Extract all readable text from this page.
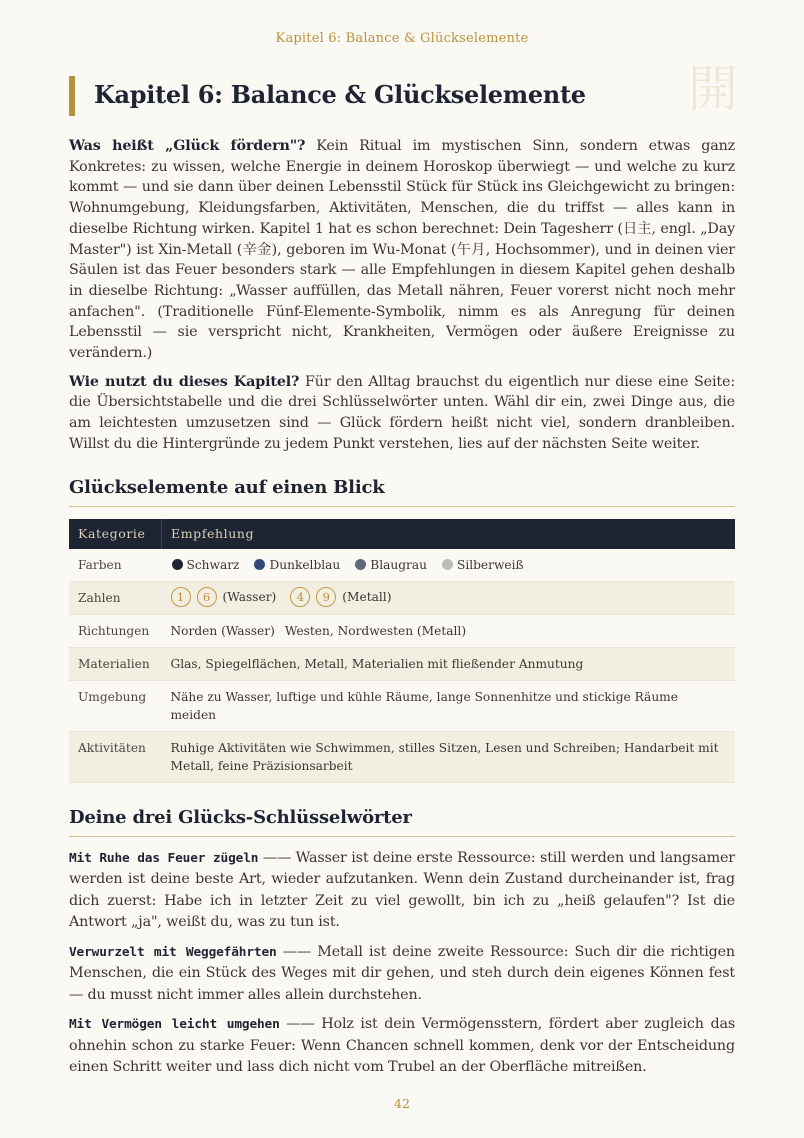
Kapitel 6: Balance & Glückselemente
開
Kapitel 6: Balance & Glückselemente

Was heißt „Glück fördern"? Kein Ritual im mystischen Sinn, sondern etwas ganz Konkretes: zu wissen, welche Energie in deinem Horoskop überwiegt — und welche zu kurz kommt — und sie dann über deinen Lebensstil Stück für Stück ins Gleichgewicht zu bringen: Wohnumgebung, Kleidungsfarben, Aktivitäten, Menschen, die du triffst — alles kann in dieselbe Richtung wirken. Kapitel 1 hat es schon berechnet: Dein Tagesherr (日主, engl. „Day Master") ist Xin-Metall (辛金), geboren im Wu-Monat (午月, Hochsommer), und in deinen vier Säulen ist das Feuer besonders stark — alle Empfehlungen in diesem Kapitel gehen deshalb in dieselbe Richtung: „Wasser auffüllen, das Metall nähren, Feuer vorerst nicht noch mehr anfachen". (Traditionelle Fünf-Elemente-Symbolik, nimm es als Anregung für deinen Lebensstil — sie verspricht nicht, Krankheiten, Vermögen oder äußere Ereignisse zu verändern.)

Wie nutzt du dieses Kapitel? Für den Alltag brauchst du eigentlich nur diese eine Seite: die Übersichtstabelle und die drei Schlüsselwörter unten. Wähl dir ein, zwei Dinge aus, die am leichtesten umzusetzen sind — Glück fördern heißt nicht viel, sondern dranbleiben. Willst du die Hintergründe zu jedem Punkt verstehen, lies auf der nächsten Seite weiter.

Glückselemente auf einen Blick
Kategorie	Empfehlung
Farben	Schwarz Dunkelblau Blaugrau Silberweiß
Zahlen	1 6 (Wasser) 4 9 (Metall)
Richtungen	Norden (Wasser) Westen, Nordwesten (Metall)
Materialien	Glas, Spiegelflächen, Metall, Materialien mit fließender Anmutung
Umgebung	Nähe zu Wasser, luftige und kühle Räume, lange Sonnenhitze und stickige Räume meiden
Aktivitäten	Ruhige Aktivitäten wie Schwimmen, stilles Sitzen, Lesen und Schreiben; Handarbeit mit Metall, feine Präzisionsarbeit
Deine drei Glücks-Schlüsselwörter

Mit Ruhe das Feuer zügeln —— Wasser ist deine erste Ressource: still werden und langsamer werden ist deine beste Art, wieder aufzutanken. Wenn dein Zustand durcheinander ist, frag dich zuerst: Habe ich in letzter Zeit zu viel gewollt, bin ich zu „heiß gelaufen"? Ist die Antwort „ja", weißt du, was zu tun ist.

Verwurzelt mit Weggefährten —— Metall ist deine zweite Ressource: Such dir die richtigen Menschen, die ein Stück des Weges mit dir gehen, und steh durch dein eigenes Können fest — du musst nicht immer alles allein durchstehen.

Mit Vermögen leicht umgehen —— Holz ist dein Vermögensstern, fördert aber zugleich das ohnehin schon zu starke Feuer: Wenn Chancen schnell kommen, denk vor der Entscheidung einen Schritt weiter und lass dich nicht vom Trubel an der Oberfläche mitreißen.

42
